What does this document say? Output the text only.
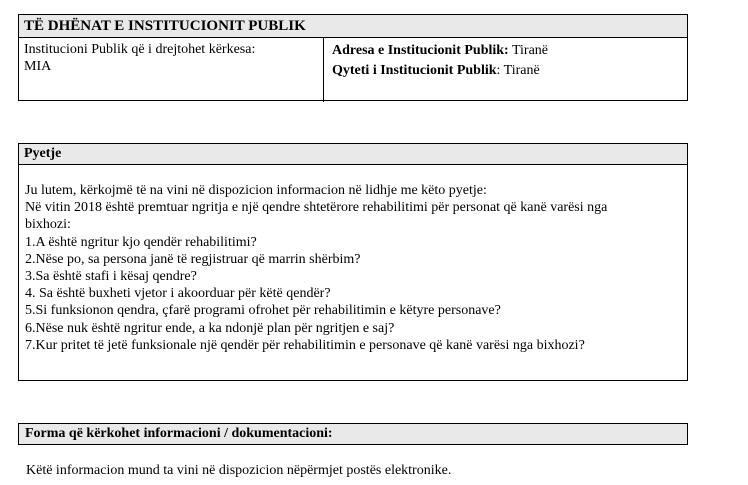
TË DHËNAT E INSTITUCIONIT PUBLIK
Institucioni Publik që i drejtohet kërkesa:
MIA
Adresa e Institucionit Publik: Tiranë
Qyteti i Institucionit Publik: Tiranë
Pyetje
Ju lutem, kërkojmë të na vini në dispozicion informacion në lidhje me këto pyetje:
Në vitin 2018 është premtuar ngritja e një qendre shtetërore rehabilitimi për personat që kanë varësi nga
bixhozi:
1.A është ngritur kjo qendër rehabilitimi?
2.Nëse po, sa persona janë të regjistruar që marrin shërbim?
3.Sa është stafi i kësaj qendre?
4. Sa është buxheti vjetor i akoorduar për këtë qendër?
5.Si funksionon qendra, çfarë programi ofrohet për rehabilitimin e këtyre personave?
6.Nëse nuk është ngritur ende, a ka ndonjë plan për ngritjen e saj?
7.Kur pritet të jetë funksionale një qendër për rehabilitimin e personave që kanë varësi nga bixhozi?
Forma që kërkohet informacioni / dokumentacioni:
Këtë informacion mund ta vini në dispozicion nëpërmjet postës elektronike.
